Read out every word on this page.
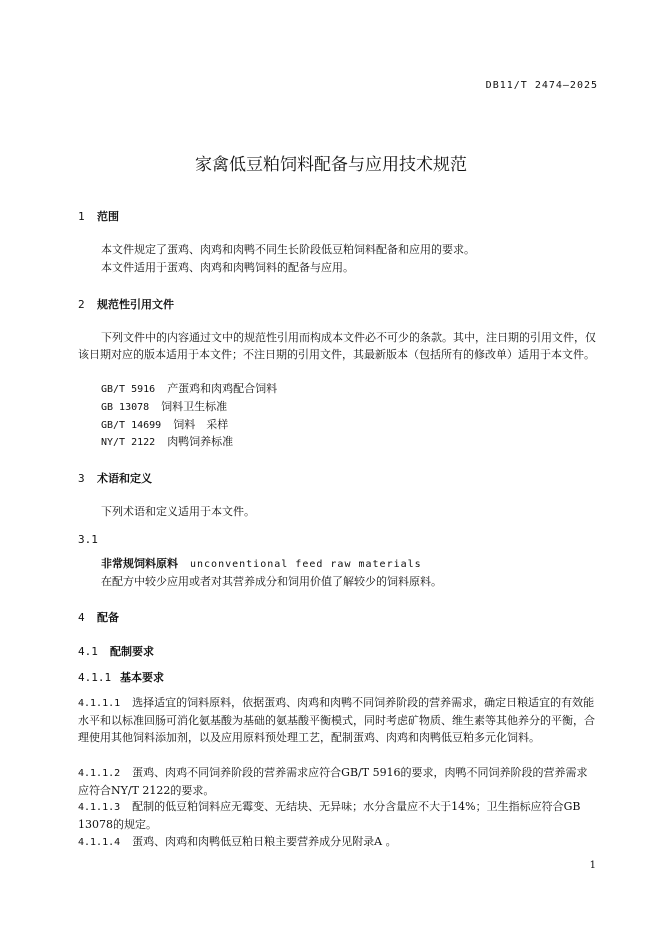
DB11/T 2474—2025
家禽低豆粕饲料配备与应用技术规范
1 范围
本文件规定了蛋鸡、肉鸡和肉鸭不同生长阶段低豆粕饲料配备和应用的要求。
本文件适用于蛋鸡、肉鸡和肉鸭饲料的配备与应用。
2 规范性引用文件
下列文件中的内容通过文中的规范性引用而构成本文件必不可少的条款。其中，注日期的引用文件，仅该日期对应的版本适用于本文件；不注日期的引用文件，其最新版本（包括所有的修改单）适用于本文件。
GB/T 5916 产蛋鸡和肉鸡配合饲料
GB 13078 饲料卫生标准
GB/T 14699 饲料　采样
NY/T 2122 肉鸭饲养标准
3 术语和定义
下列术语和定义适用于本文件。
3.1
非常规饲料原料 unconventional feed raw materials
在配方中较少应用或者对其营养成分和饲用价值了解较少的饲料原料。
4 配备
4.1 配制要求
4.1.1 基本要求
4.1.1.1 选择适宜的饲料原料，依据蛋鸡、肉鸡和肉鸭不同饲养阶段的营养需求，确定日粮适宜的有效能水平和以标准回肠可消化氨基酸为基础的氨基酸平衡模式，同时考虑矿物质、维生素等其他养分的平衡，合理使用其他饲料添加剂，以及应用原料预处理工艺，配制蛋鸡、肉鸡和肉鸭低豆粕多元化饲料。
4.1.1.2 蛋鸡、肉鸡不同饲养阶段的营养需求应符合GB/T 5916的要求，肉鸭不同饲养阶段的营养需求应符合NY/T 2122的要求。
4.1.1.3 配制的低豆粕饲料应无霉变、无结块、无异味；水分含量应不大于14%；卫生指标应符合GB 13078的规定。
4.1.1.4 蛋鸡、肉鸡和肉鸭低豆粕日粮主要营养成分见附录A 。
1
